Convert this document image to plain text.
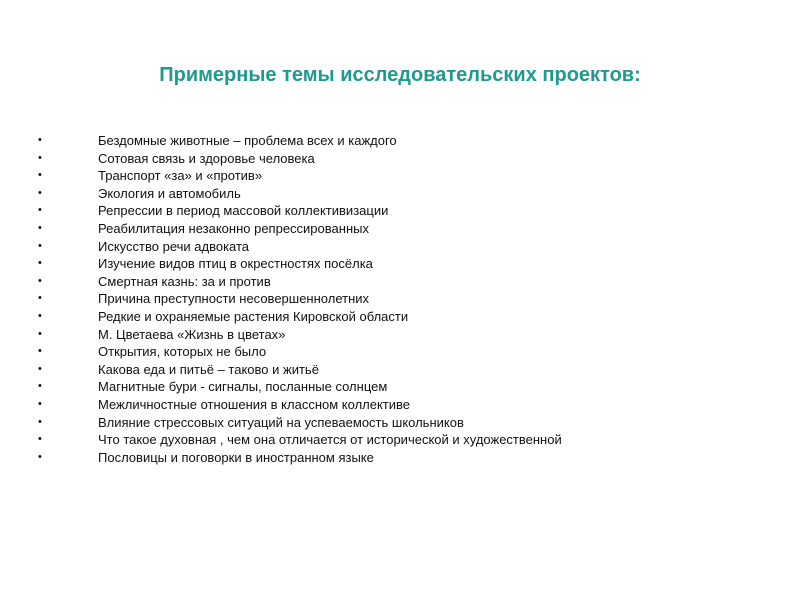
Примерные темы исследовательских проектов:
•	Бездомные животные – проблема всех и каждого
•	Сотовая связь и здоровье человека
•	Транспорт «за» и «против»
•	Экология и автомобиль
•	Репрессии в период массовой коллективизации
•	Реабилитация незаконно репрессированных
•	Искусство речи адвоката
•	Изучение видов птиц в окрестностях посёлка
•	Смертная казнь: за и против
•	Причина преступности несовершеннолетних
•	Редкие и охраняемые растения Кировской области
•	М. Цветаева «Жизнь в цветах»
•	Открытия, которых не было
•	Какова еда и питьё – таково и житьё
•	Магнитные бури - сигналы, посланные солнцем
•	Межличностные отношения в классном коллективе
•	Влияние стрессовых ситуаций на успеваемость школьников
•	Что такое духовная , чем она отличается от исторической и художественной
•	Пословицы и поговорки в иностранном языке
